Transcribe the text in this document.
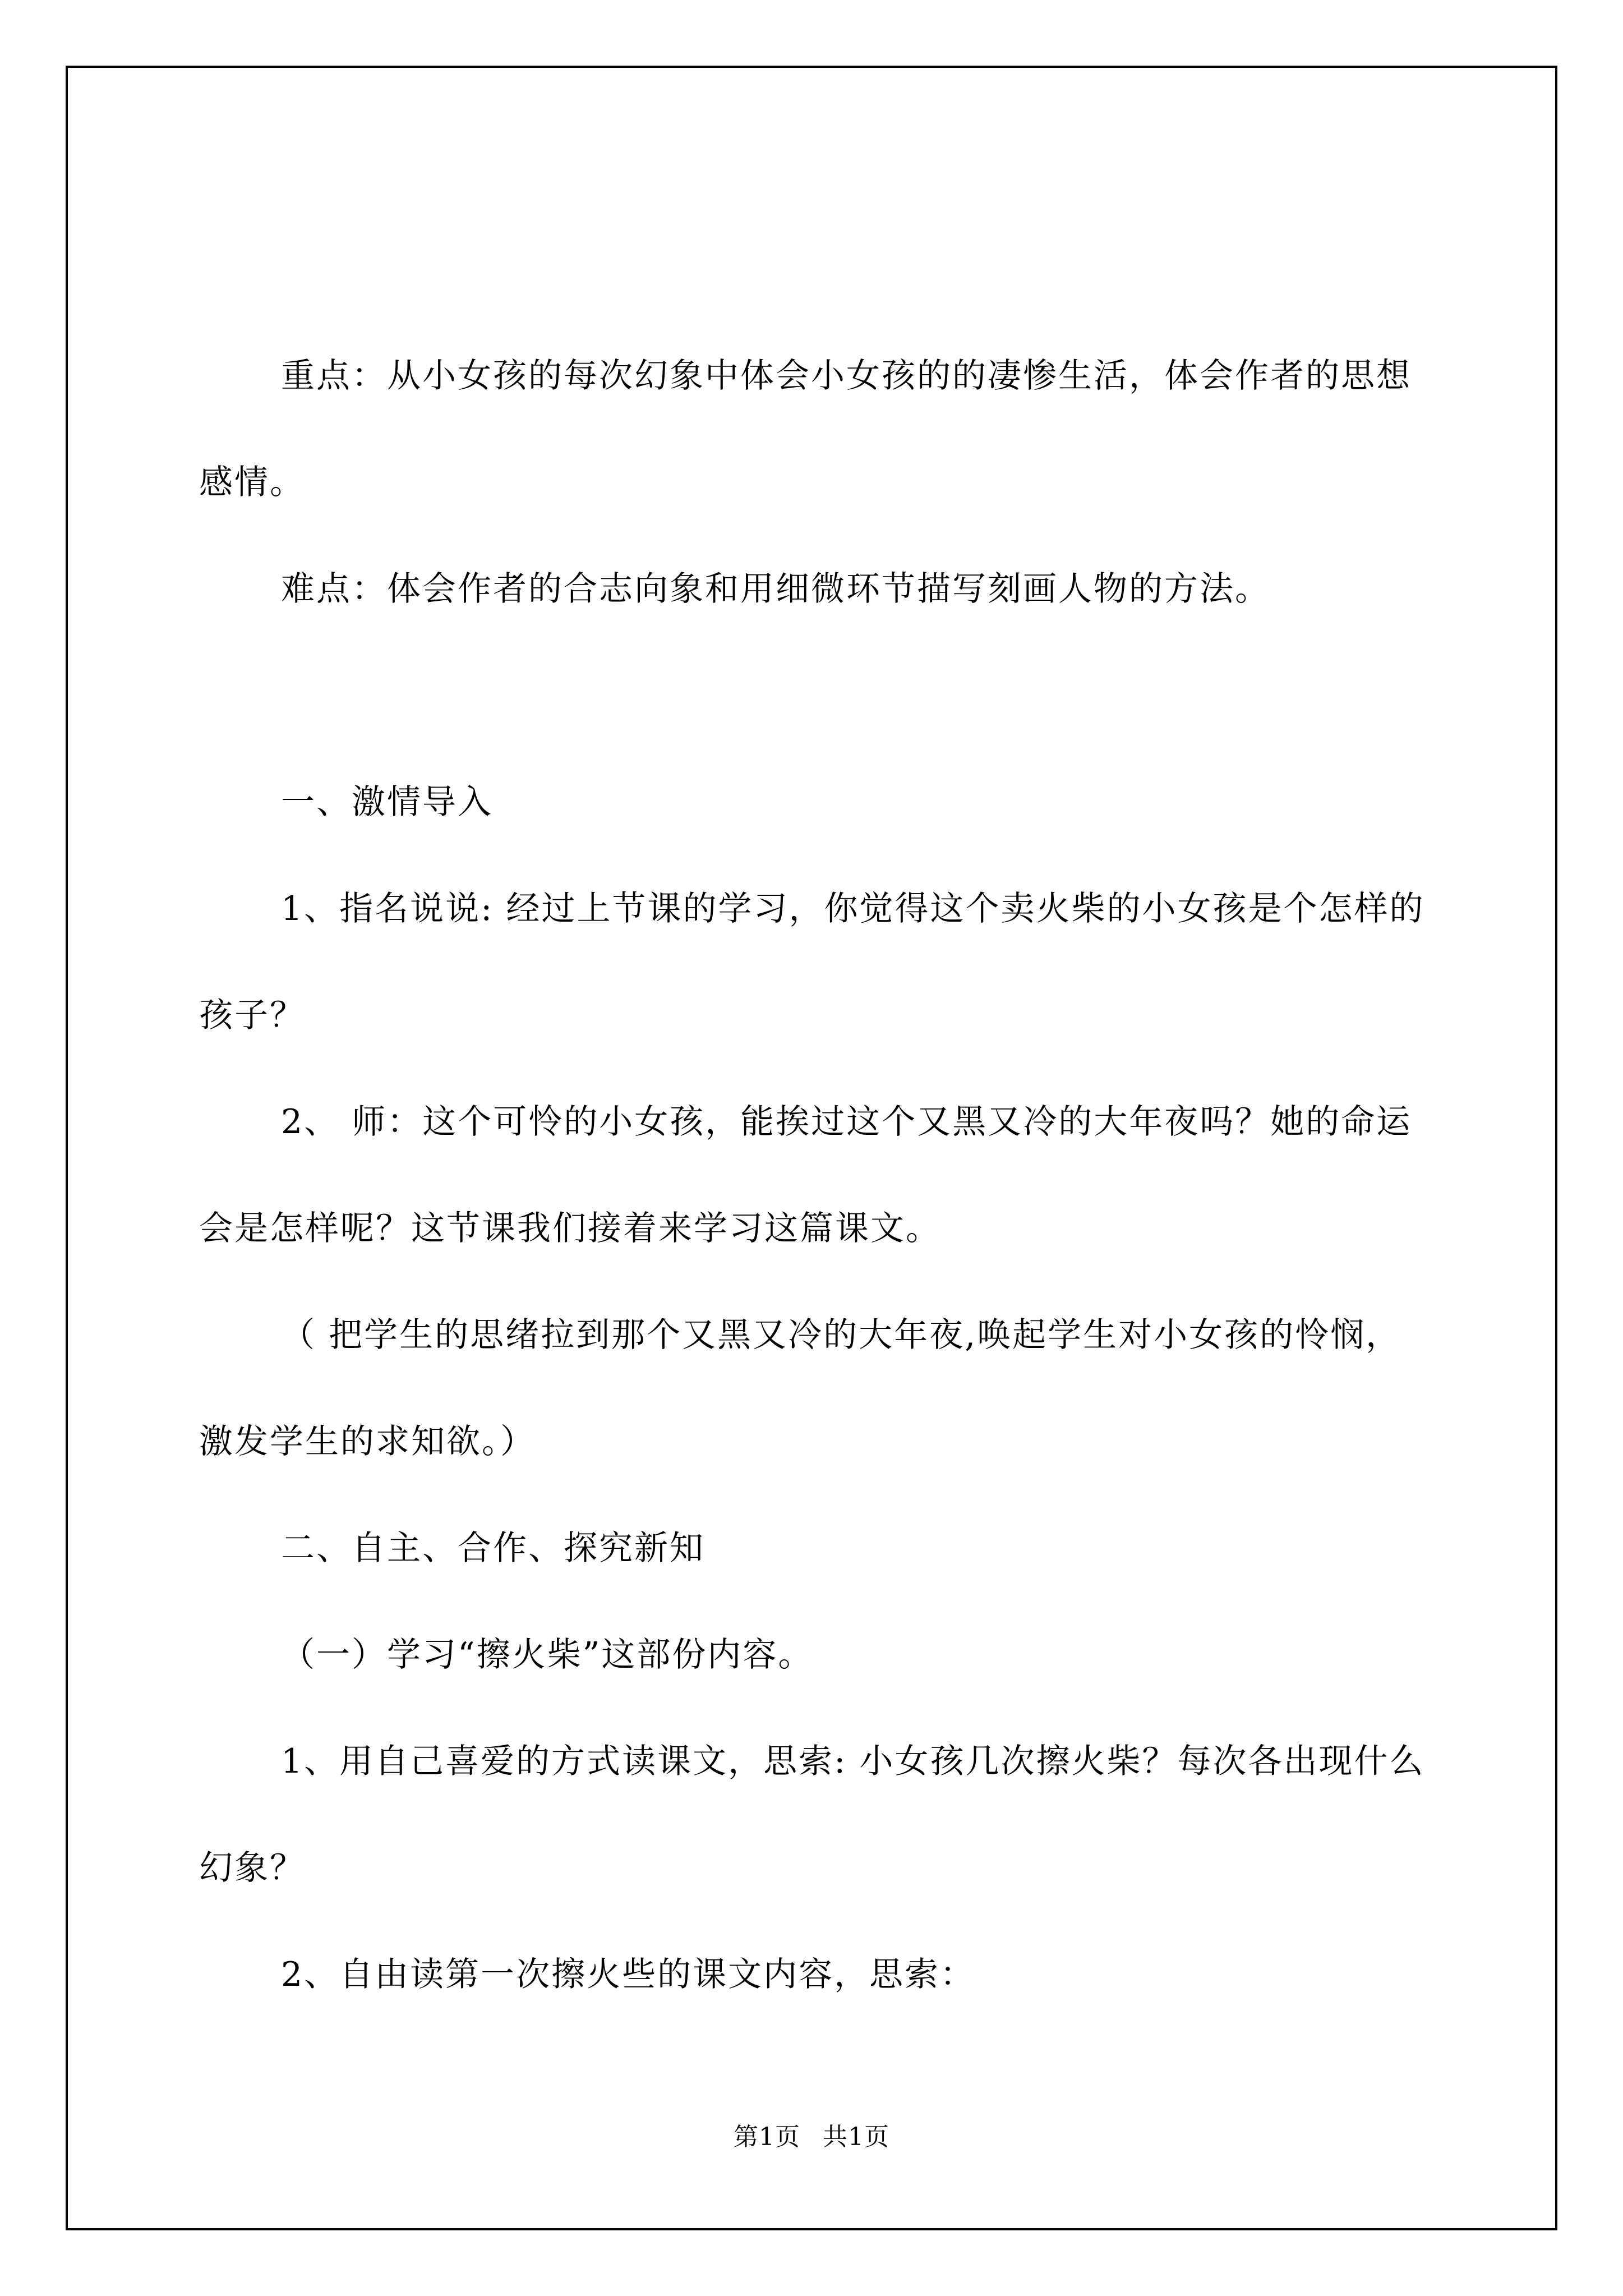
重点：从小女孩的每次幻象中体会小女孩的的凄惨生活，体会作者的思想感情。

难点：体会作者的合志向象和用细微环节描写刻画人物的方法。

一、激情导入

1、指名说说: 经过上节课的学习，你觉得这个卖火柴的小女孩是个怎样的孩子？

2、 师：这个可怜的小女孩，能挨过这个又黑又冷的大年夜吗？她的命运会是怎样呢？这节课我们接着来学习这篇课文。

（ 把学生的思绪拉到那个又黑又冷的大年夜,唤起学生对小女孩的怜悯，激发学生的求知欲。）

二、自主、合作、探究新知

（一）学习“擦火柴”这部份内容。

1、用自己喜爱的方式读课文，思索: 小女孩几次擦火柴？每次各出现什么幻象？

2、自由读第一次擦火些的课文内容，思索：

第1页 共1页
